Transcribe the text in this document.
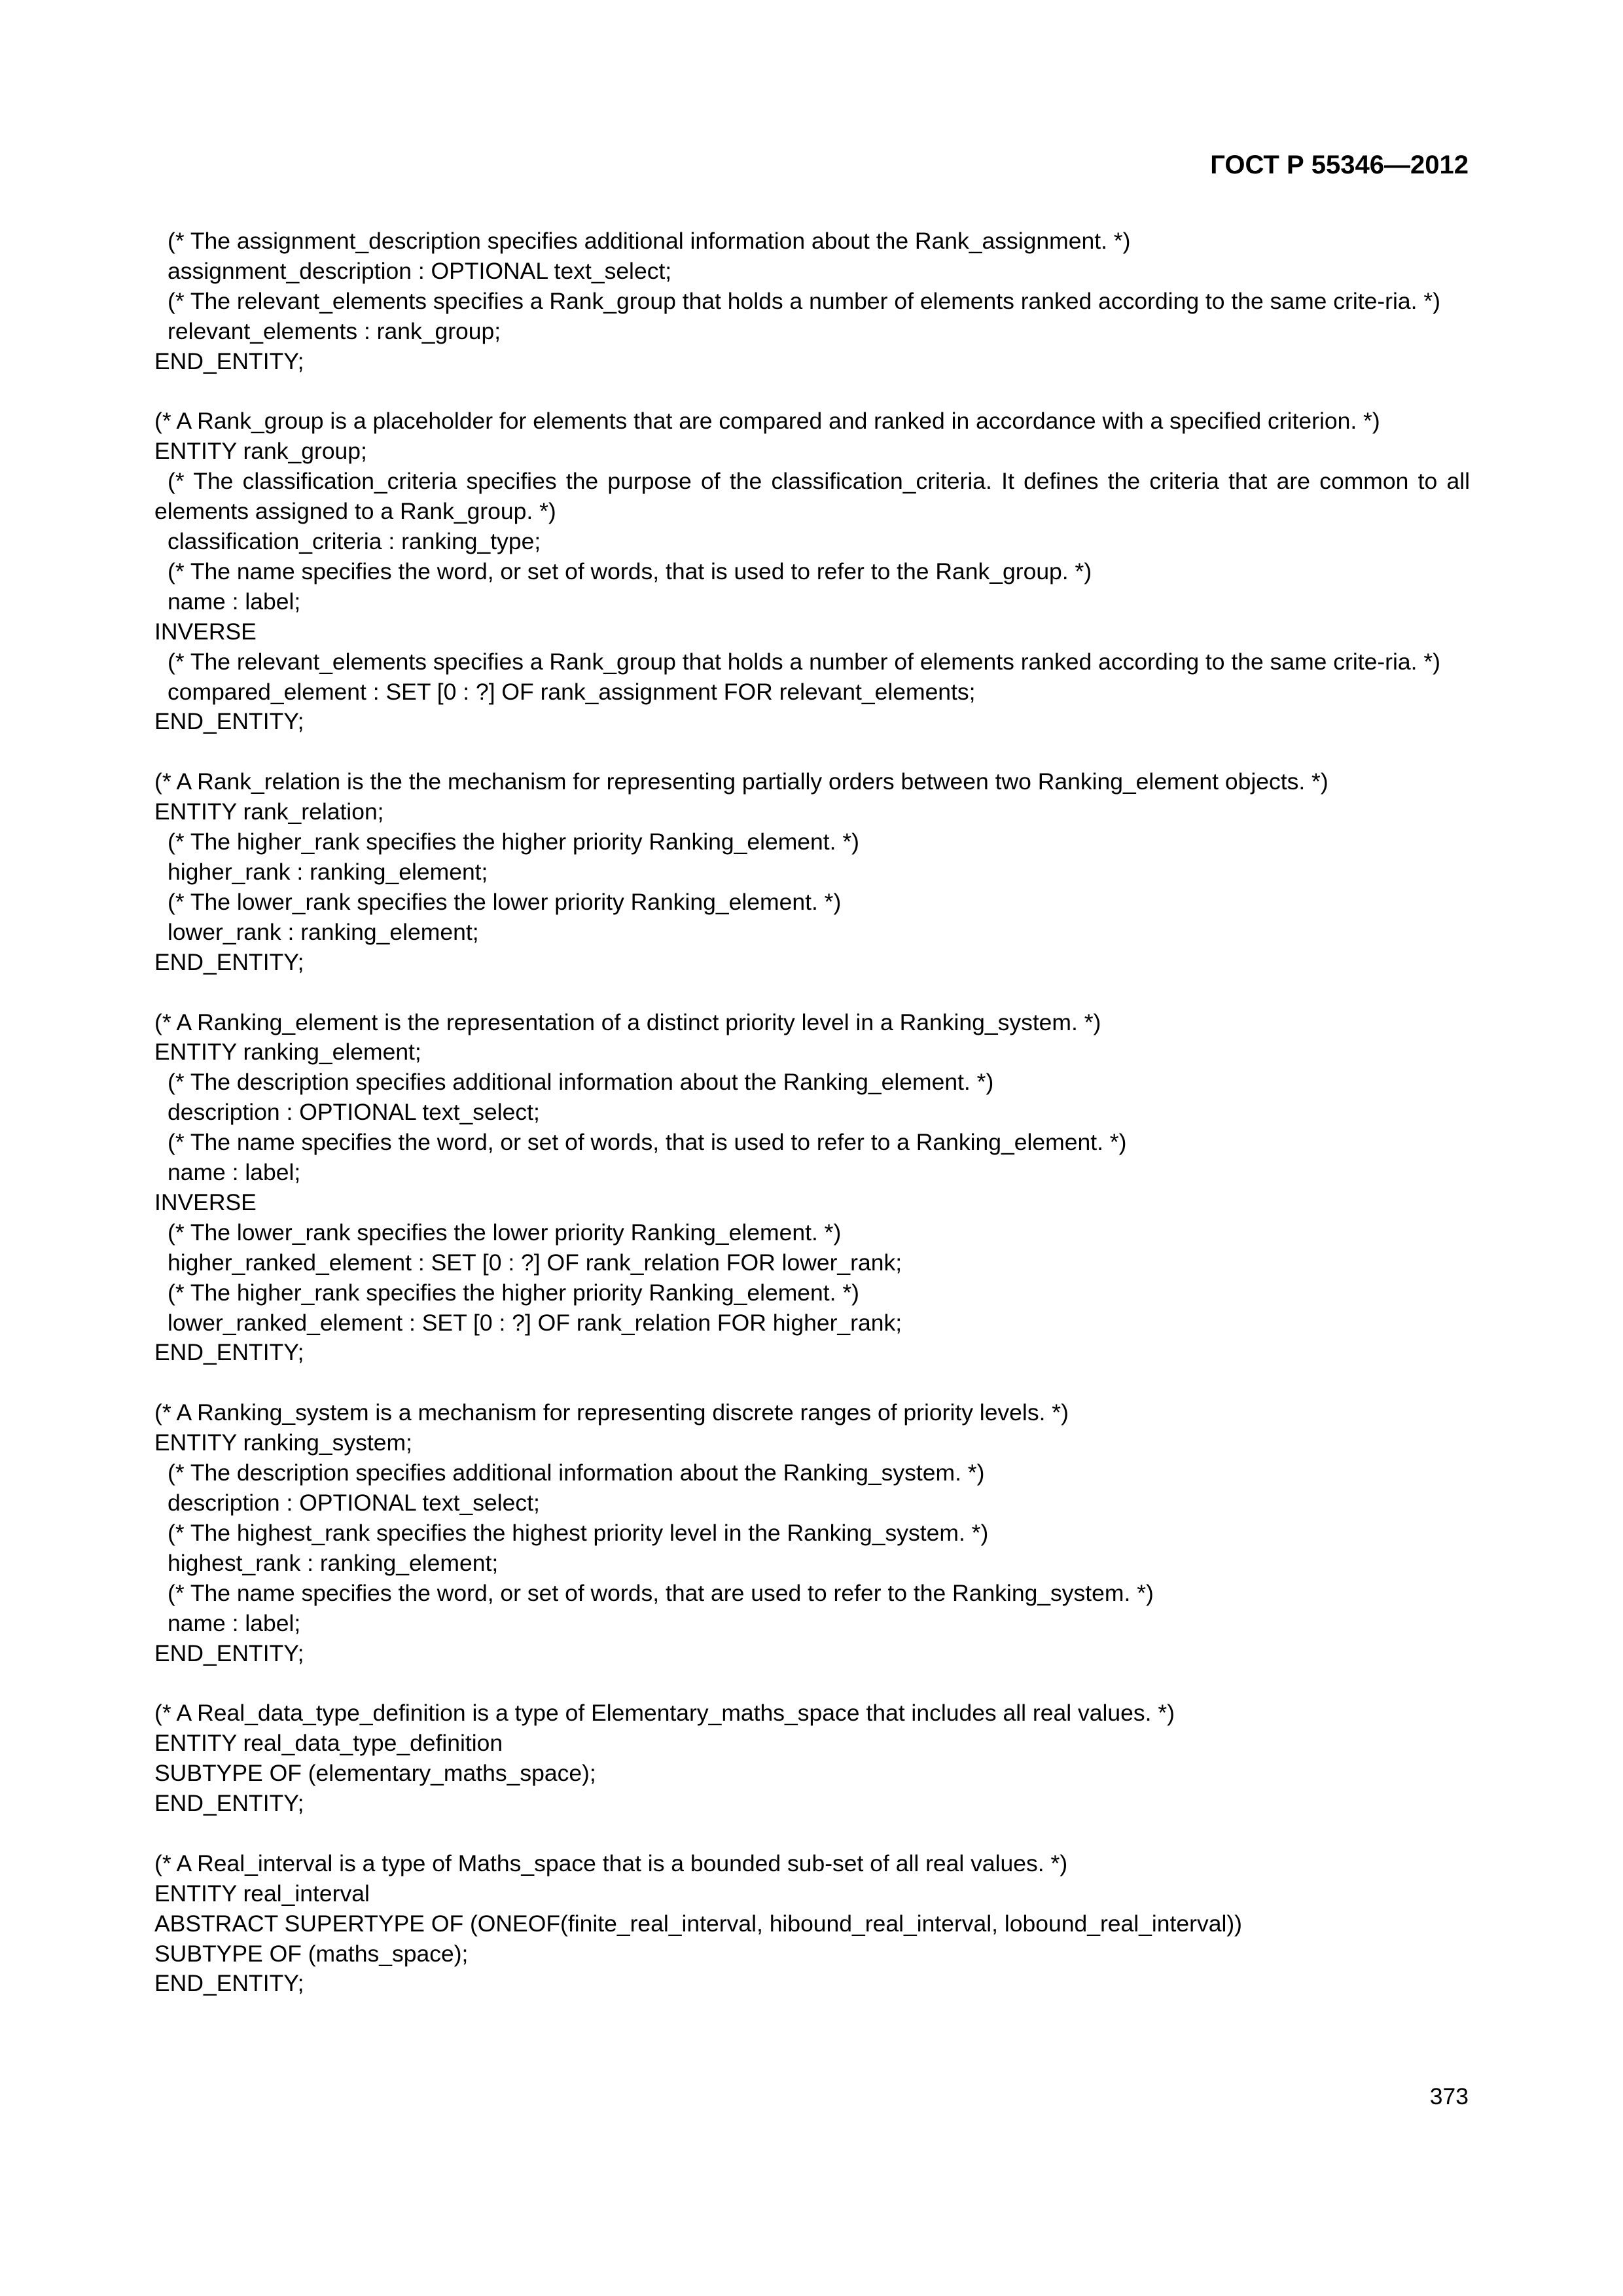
ГОСТ Р 55346—2012

(* The assignment_description specifies additional information about the Rank_assignment. *)
assignment_description : OPTIONAL text_select;
(* The relevant_elements specifies a Rank_group that holds a number of elements ranked according to the same crite-ria. *)
relevant_elements : rank_group;
END_ENTITY;
(* A Rank_group is a placeholder for elements that are compared and ranked in accordance with a specified criterion. *)
ENTITY rank_group;
(* The classification_criteria specifies the purpose of the classification_criteria. It defines the criteria that are common to all elements assigned to a Rank_group. *)
classification_criteria : ranking_type;
(* The name specifies the word, or set of words, that is used to refer to the Rank_group. *)
name : label;
INVERSE
(* The relevant_elements specifies a Rank_group that holds a number of elements ranked according to the same crite-ria. *)
compared_element : SET [0 : ?] OF rank_assignment FOR relevant_elements;
END_ENTITY;
(* A Rank_relation is the the mechanism for representing partially orders between two Ranking_element objects. *)
ENTITY rank_relation;
(* The higher_rank specifies the higher priority Ranking_element. *)
higher_rank : ranking_element;
(* The lower_rank specifies the lower priority Ranking_element. *)
lower_rank : ranking_element;
END_ENTITY;
(* A Ranking_element is the representation of a distinct priority level in a Ranking_system. *)
ENTITY ranking_element;
(* The description specifies additional information about the Ranking_element. *)
description : OPTIONAL text_select;
(* The name specifies the word, or set of words, that is used to refer to a Ranking_element. *)
name : label;
INVERSE
(* The lower_rank specifies the lower priority Ranking_element. *)
higher_ranked_element : SET [0 : ?] OF rank_relation FOR lower_rank;
(* The higher_rank specifies the higher priority Ranking_element. *)
lower_ranked_element : SET [0 : ?] OF rank_relation FOR higher_rank;
END_ENTITY;
(* A Ranking_system is a mechanism for representing discrete ranges of priority levels. *)
ENTITY ranking_system;
(* The description specifies additional information about the Ranking_system. *)
description : OPTIONAL text_select;
(* The highest_rank specifies the highest priority level in the Ranking_system. *)
highest_rank : ranking_element;
(* The name specifies the word, or set of words, that are used to refer to the Ranking_system. *)
name : label;
END_ENTITY;
(* A Real_data_type_definition is a type of Elementary_maths_space that includes all real values. *)
ENTITY real_data_type_definition
SUBTYPE OF (elementary_maths_space);
END_ENTITY;
(* A Real_interval is a type of Maths_space that is a bounded sub-set of all real values. *)
ENTITY real_interval
ABSTRACT SUPERTYPE OF (ONEOF(finite_real_interval, hibound_real_interval, lobound_real_interval))
SUBTYPE OF (maths_space);
END_ENTITY;

373
